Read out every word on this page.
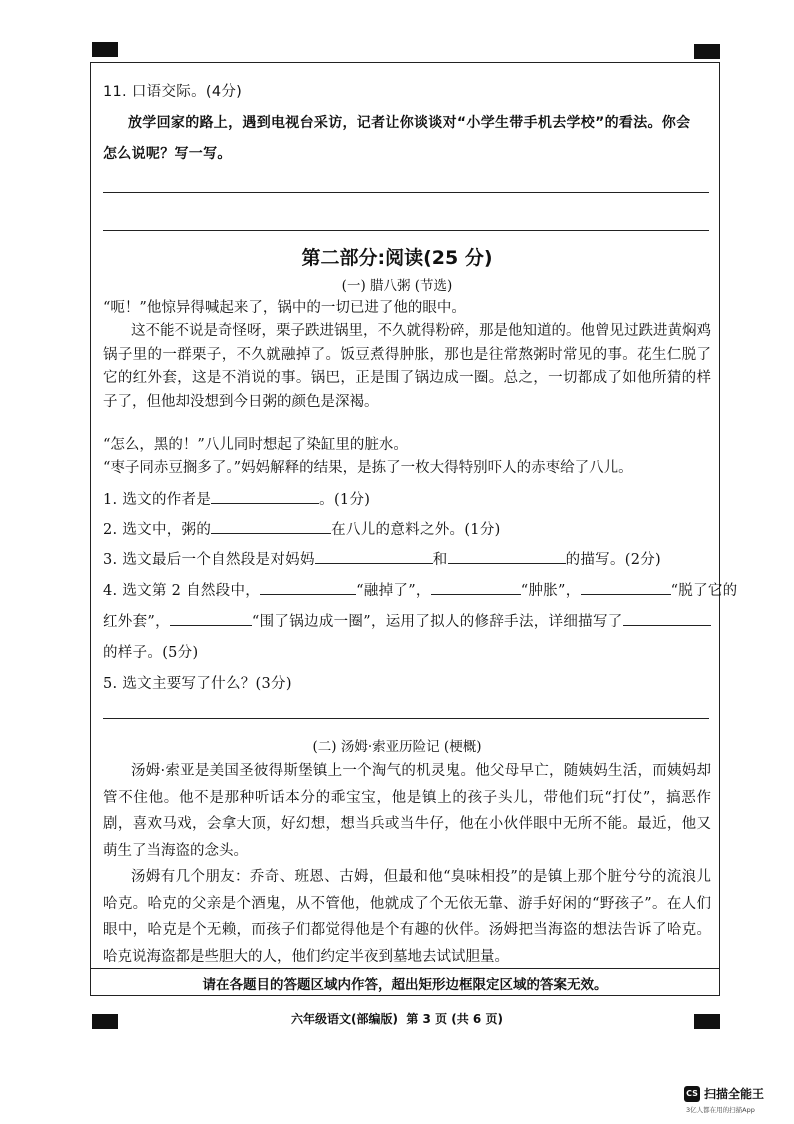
11. 口语交际。(4分)
放学回家的路上，遇到电视台采访，记者让你谈谈对“小学生带手机去学校”的看法。你会
怎么说呢？写一写。
第二部分:阅读(25 分)
(一) 腊八粥 (节选)
“呃！”他惊异得喊起来了，锅中的一切已进了他的眼中。
这不能不说是奇怪呀，栗子跌进锅里，不久就得粉碎，那是他知道的。他曾见过跌进黄焖鸡锅子里的一群栗子，不久就融掉了。饭豆煮得肿胀，那也是往常熬粥时常见的事。花生仁脱了它的红外套，这是不消说的事。锅巴，正是围了锅边成一圈。总之，一切都成了如他所猜的样子了，但他却没想到今日粥的颜色是深褐。
“怎么，黑的！”八儿同时想起了染缸里的脏水。
“枣子同赤豆搁多了。”妈妈解释的结果，是拣了一枚大得特别吓人的赤枣给了八儿。
1. 选文的作者是	。(1分)
2. 选文中，粥的	在八儿的意料之外。(1分)
3. 选文最后一个自然段是对妈妈	和	的描写。(2分)
4. 选文第 2 自然段中，	“融掉了”，	“肿胀”，	“脱了它的
红外套”，	“围了锅边成一圈”，运用了拟人的修辞手法，详细描写了
的样子。(5分)
5. 选文主要写了什么？(3分)
(二) 汤姆·索亚历险记 (梗概)
汤姆·索亚是美国圣彼得斯堡镇上一个淘气的机灵鬼。他父母早亡，随姨妈生活，而姨妈却管不住他。他不是那种听话本分的乖宝宝，他是镇上的孩子头儿，带他们玩“打仗”，搞恶作剧，喜欢马戏，会拿大顶，好幻想，想当兵或当牛仔，他在小伙伴眼中无所不能。最近，他又萌生了当海盗的念头。
汤姆有几个朋友：乔奇、班恩、古姆，但最和他“臭味相投”的是镇上那个脏兮兮的流浪儿哈克。哈克的父亲是个酒鬼，从不管他，他就成了个无依无靠、游手好闲的“野孩子”。在人们眼中，哈克是个无赖，而孩子们都觉得他是个有趣的伙伴。汤姆把当海盗的想法告诉了哈克。哈克说海盗都是些胆大的人，他们约定半夜到墓地去试试胆量。
请在各题目的答题区域内作答，超出矩形边框限定区域的答案无效。
六年级语文(部编版)  第 3 页 (共 6 页)
CS 扫描全能王
3亿人都在用的扫描App
